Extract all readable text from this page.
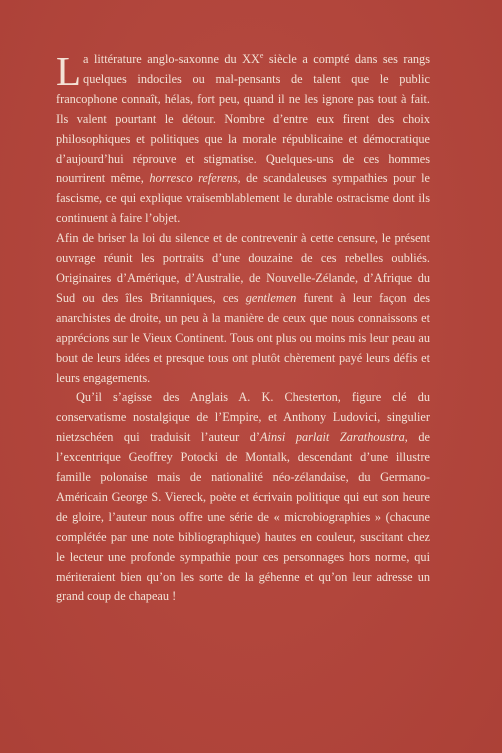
La littérature anglo-saxonne du XXe siècle a compté dans ses rangs quelques indociles ou mal-pensants de talent que le public francophone connaît, hélas, fort peu, quand il ne les ignore pas tout à fait. Ils valent pourtant le détour. Nombre d’entre eux firent des choix philosophiques et politiques que la morale républicaine et démocratique d’aujourd’hui réprouve et stigmatise. Quelques-uns de ces hommes nourrirent même, horresco referens, de scandaleuses sympathies pour le fascisme, ce qui explique vraisemblablement le durable ostracisme dont ils continuent à faire l’objet.

Afin de briser la loi du silence et de contrevenir à cette censure, le présent ouvrage réunit les portraits d’une douzaine de ces rebelles oubliés. Originaires d’Amérique, d’Australie, de Nouvelle-Zélande, d’Afrique du Sud ou des îles Britanniques, ces gentlemen furent à leur façon des anarchistes de droite, un peu à la manière de ceux que nous connaissons et apprécions sur le Vieux Continent. Tous ont plus ou moins mis leur peau au bout de leurs idées et presque tous ont plutôt chèrement payé leurs défis et leurs engagements.

Qu’il s’agisse des Anglais A. K. Chesterton, figure clé du conservatisme nostalgique de l’Empire, et Anthony Ludovici, singulier nietzschéen qui traduisit l’auteur d’Ainsi parlait Zarathoustra, de l’excentrique Geoffrey Potocki de Montalk, descendant d’une illustre famille polonaise mais de nationalité néo-zélandaise, du Germano-Américain George S. Viereck, poète et écrivain politique qui eut son heure de gloire, l’auteur nous offre une série de « microbiographies » (chacune complétée par une note bibliographique) hautes en couleur, suscitant chez le lecteur une profonde sympathie pour ces personnages hors norme, qui mériteraient bien qu’on les sorte de la géhenne et qu’on leur adresse un grand coup de chapeau !
